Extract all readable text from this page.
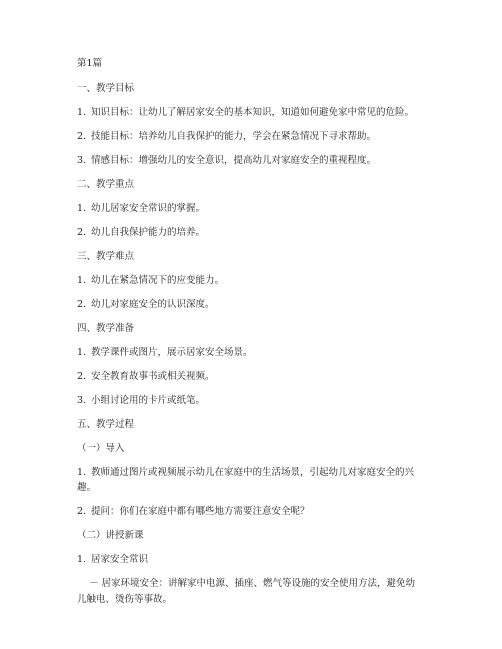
第1篇
一、教学目标
1. 知识目标：让幼儿了解居家安全的基本知识，知道如何避免家中常见的危险。
2. 技能目标：培养幼儿自我保护的能力，学会在紧急情况下寻求帮助。
3. 情感目标：增强幼儿的安全意识，提高幼儿对家庭安全的重视程度。
二、教学重点
1. 幼儿居家安全常识的掌握。
2. 幼儿自我保护能力的培养。
三、教学难点
1. 幼儿在紧急情况下的应变能力。
2. 幼儿对家庭安全的认识深度。
四、教学准备
1. 教学课件或图片，展示居家安全场景。
2. 安全教育故事书或相关视频。
3. 小组讨论用的卡片或纸笔。
五、教学过程
（一）导入
1. 教师通过图片或视频展示幼儿在家庭中的生活场景，引起幼儿对家庭安全的兴
趣。
2. 提问：你们在家庭中都有哪些地方需要注意安全呢？
（二）讲授新课
1. 居家安全常识
－ 居家环境安全：讲解家中电源、插座、燃气等设施的安全使用方法，避免幼
儿触电、烫伤等事故。
